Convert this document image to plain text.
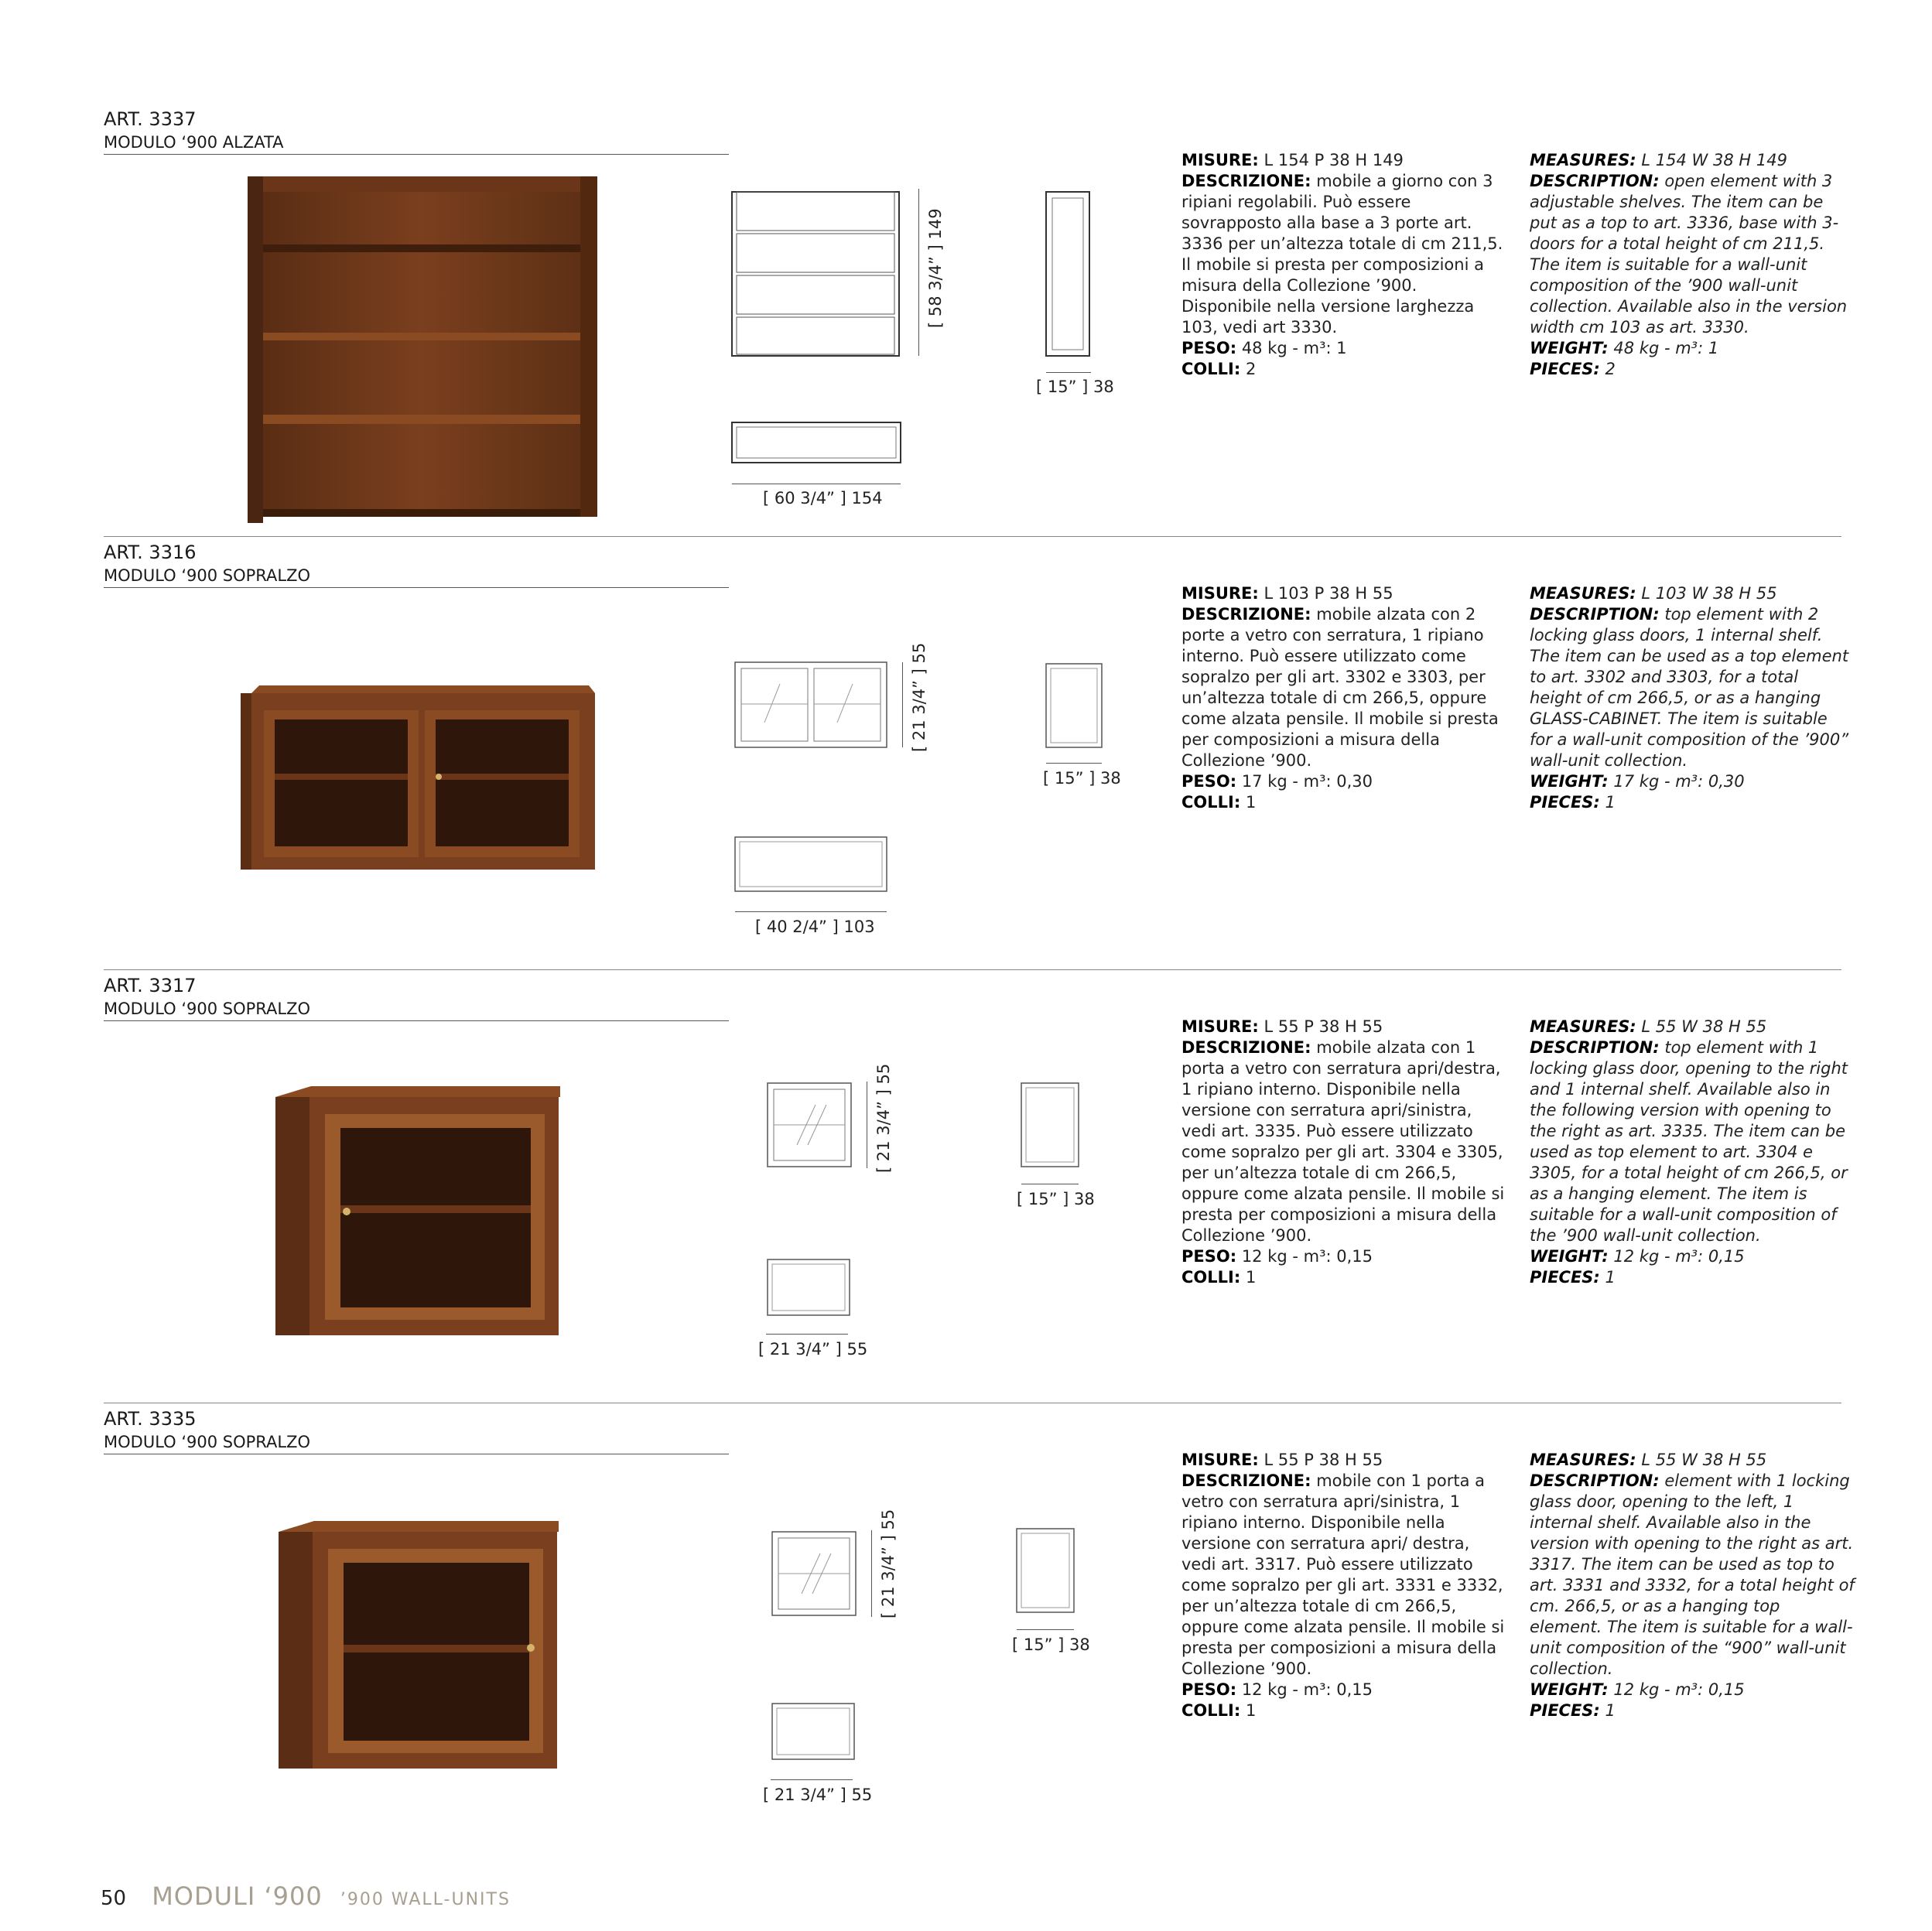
ART. 3337
MODULO ‘900 ALZATA
[ 58 3/4” ] 149
[ 15” ] 38
[ 60 3/4” ] 154
MISURE: L 154 P 38 H 149
DESCRIZIONE: mobile a giorno con 3 ripiani regolabili. Può essere sovrapposto alla base a 3 porte art. 3336 per un’altezza totale di cm 211,5. Il mobile si presta per composizioni a misura della Collezione ’900. Disponibile nella versione larghezza 103, vedi art 3330.
PESO: 48 kg - m³: 1
COLLI: 2
MEASURES: L 154 W 38 H 149
DESCRIPTION: open element with 3 adjustable shelves. The item can be put as a top to art. 3336, base with 3-doors for a total height of cm 211,5. The item is suitable for a wall-unit composition of the ’900 wall-unit collection. Available also in the version width cm 103 as art. 3330.
WEIGHT: 48 kg - m³: 1
PIECES: 2
ART. 3316
MODULO ‘900 SOPRALZO
[ 21 3/4” ] 55
[ 15” ] 38
[ 40 2/4” ] 103
MISURE: L 103 P 38 H 55
DESCRIZIONE: mobile alzata con 2 porte a vetro con serratura, 1 ripiano interno. Può essere utilizzato come sopralzo per gli art. 3302 e 3303, per un’altezza totale di cm 266,5, oppure come alzata pensile. Il mobile si presta per composizioni a misura della Collezione ’900.
PESO: 17 kg - m³: 0,30
COLLI: 1
MEASURES: L 103 W 38 H 55
DESCRIPTION: top element with 2 locking glass doors, 1 internal shelf. The item can be used as a top element to art. 3302 and 3303, for a total height of cm 266,5, or as a hanging GLASS-CABINET. The item is suitable for a wall-unit composition of the ’900” wall-unit collection.
WEIGHT: 17 kg - m³: 0,30
PIECES: 1
ART. 3317
MODULO ‘900 SOPRALZO
[ 21 3/4” ] 55
[ 15” ] 38
[ 21 3/4” ] 55
MISURE: L 55 P 38 H 55
DESCRIZIONE: mobile alzata con 1 porta a vetro con serratura apri/destra, 1 ripiano interno. Disponibile nella versione con serratura apri/sinistra, vedi art. 3335. Può essere utilizzato come sopralzo per gli art. 3304 e 3305, per un’altezza totale di cm 266,5, oppure come alzata pensile. Il mobile si presta per composizioni a misura della Collezione ’900.
PESO: 12 kg - m³: 0,15
COLLI: 1
MEASURES: L 55 W 38 H 55
DESCRIPTION: top element with 1 locking glass door, opening to the right and 1 internal shelf. Available also in the following version with opening to the right as art. 3335. The item can be used as top element to art. 3304 e 3305, for a total height of cm 266,5, or as a hanging element. The item is suitable for a wall-unit composition of the ’900 wall-unit collection.
WEIGHT: 12 kg - m³: 0,15
PIECES: 1
ART. 3335
MODULO ‘900 SOPRALZO
[ 21 3/4” ] 55
[ 15” ] 38
[ 21 3/4” ] 55
MISURE: L 55 P 38 H 55
DESCRIZIONE: mobile con 1 porta a vetro con serratura apri/sinistra, 1 ripiano interno. Disponibile nella versione con serratura apri/ destra, vedi art. 3317. Può essere utilizzato come sopralzo per gli art. 3331 e 3332, per un’altezza totale di cm 266,5, oppure come alzata pensile. Il mobile si presta per composizioni a misura della Collezione ’900.
PESO: 12 kg - m³: 0,15
COLLI: 1
MEASURES: L 55 W 38 H 55
DESCRIPTION: element with 1 locking glass door, opening to the left, 1 internal shelf. Available also in the version with opening to the right as art. 3317. The item can be used as top to art. 3331 and 3332, for a total height of cm. 266,5, or as a hanging top element. The item is suitable for a wall-unit composition of the “900” wall-unit collection.
WEIGHT: 12 kg - m³: 0,15
PIECES: 1
50 MODULI ‘900 ’900 WALL-UNITS
